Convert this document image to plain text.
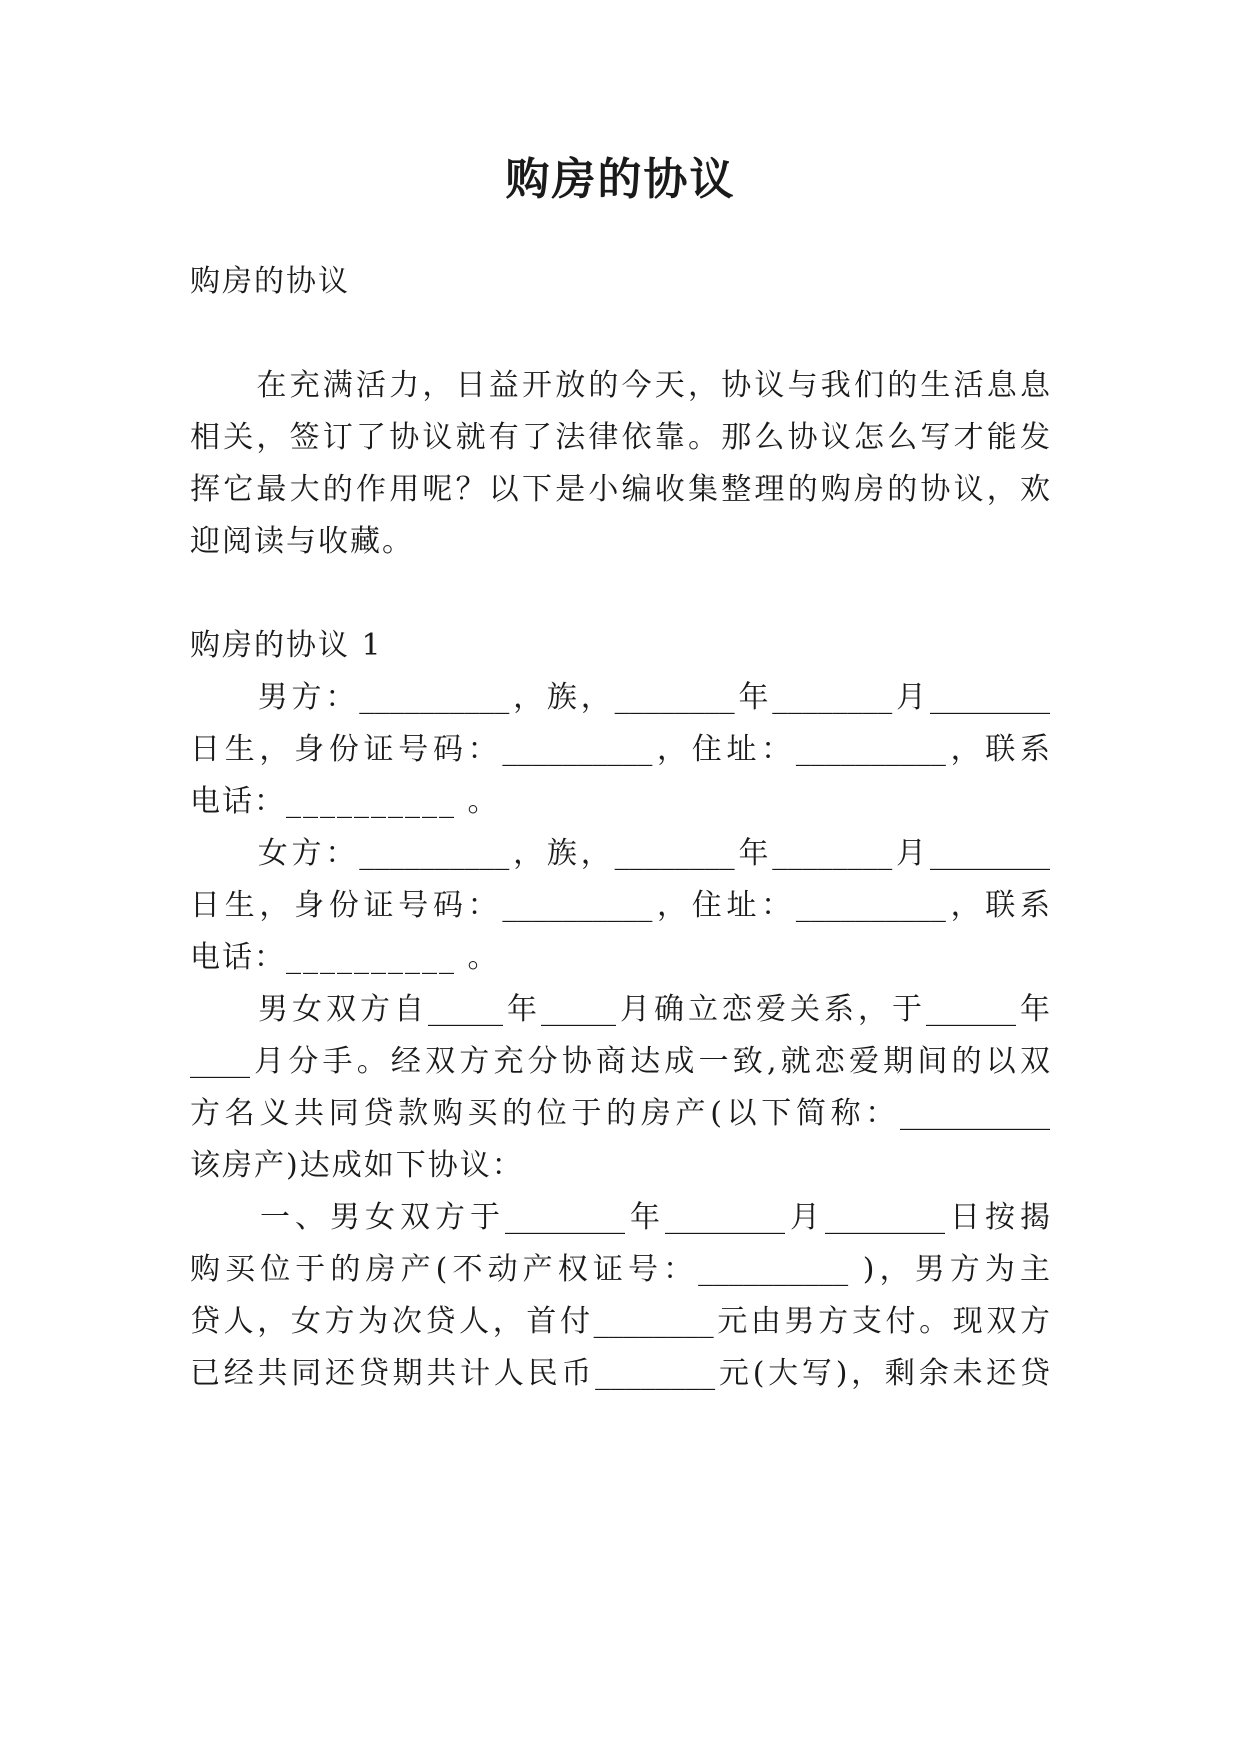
购房的协议
购房的协议
　　在充满活力，日益开放的今天，协议与我们的生活息息
相关，签订了协议就有了法律依靠。那么协议怎么写才能发
挥它最大的作用呢？以下是小编收集整理的购房的协议，欢
迎阅读与收藏。
购房的协议 1
　　男方：__________，族，________年________月________
日生，身份证号码：__________，住址：__________，联系
电话：__________ 。
　　女方：__________，族，________年________月________
日生，身份证号码：__________，住址：__________，联系
电话：__________ 。
　　男女双方自_____年_____月确立恋爱关系，于______年
____月分手。经双方充分协商达成一致,就恋爱期间的以双
方名义共同贷款购买的位于的房产(以下简称：__________
该房产)达成如下协议：
　　一、男女双方于________年________月________日按揭
购买位于的房产(不动产权证号：__________ )，男方为主
贷人，女方为次贷人，首付________元由男方支付。现双方
已经共同还贷期共计人民币________元(大写)，剩余未还贷
